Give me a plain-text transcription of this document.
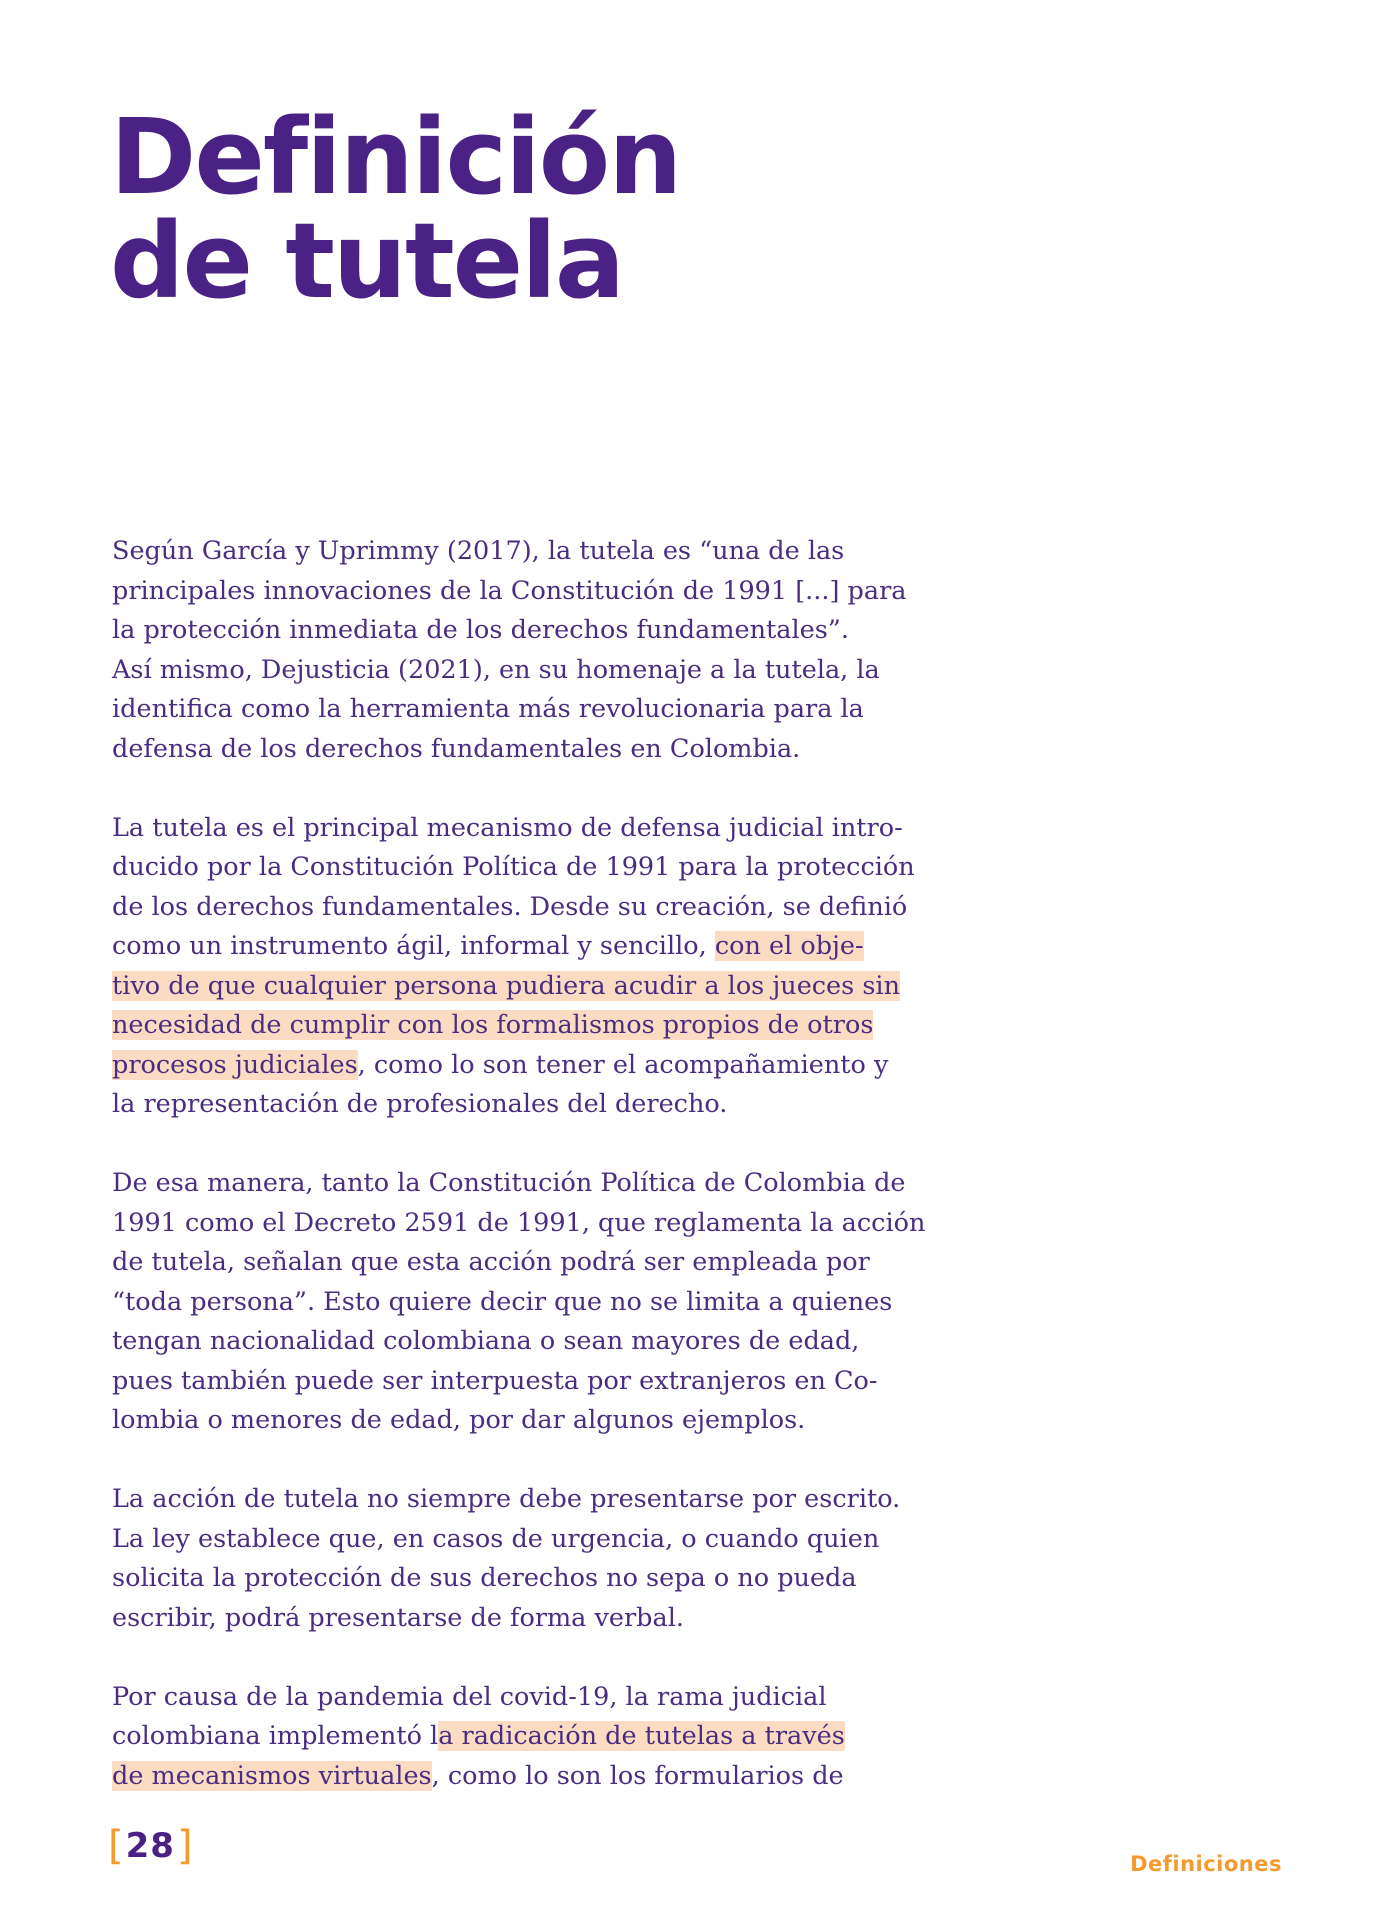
Definición
de tutela

Según García y Uprimmy (2017), la tutela es “una de las
principales innovaciones de la Constitución de 1991 [...] para
la protección inmediata de los derechos fundamentales”.
Así mismo, Dejusticia (2021), en su homenaje a la tutela, la
identifica como la herramienta más revolucionaria para la
defensa de los derechos fundamentales en Colombia.

La tutela es el principal mecanismo de defensa judicial intro-
ducido por la Constitución Política de 1991 para la protección
de los derechos fundamentales. Desde su creación, se definió
como un instrumento ágil, informal y sencillo, con el obje-
tivo de que cualquier persona pudiera acudir a los jueces sin
necesidad de cumplir con los formalismos propios de otros
procesos judiciales, como lo son tener el acompañamiento y
la representación de profesionales del derecho.

De esa manera, tanto la Constitución Política de Colombia de
1991 como el Decreto 2591 de 1991, que reglamenta la acción
de tutela, señalan que esta acción podrá ser empleada por
“toda persona”. Esto quiere decir que no se limita a quienes
tengan nacionalidad colombiana o sean mayores de edad,
pues también puede ser interpuesta por extranjeros en Co-
lombia o menores de edad, por dar algunos ejemplos.

La acción de tutela no siempre debe presentarse por escrito.
La ley establece que, en casos de urgencia, o cuando quien
solicita la protección de sus derechos no sepa o no pueda
escribir, podrá presentarse de forma verbal.

Por causa de la pandemia del covid-19, la rama judicial
colombiana implementó la radicación de tutelas a través
de mecanismos virtuales, como lo son los formularios de

[ 28 ]	Definiciones
